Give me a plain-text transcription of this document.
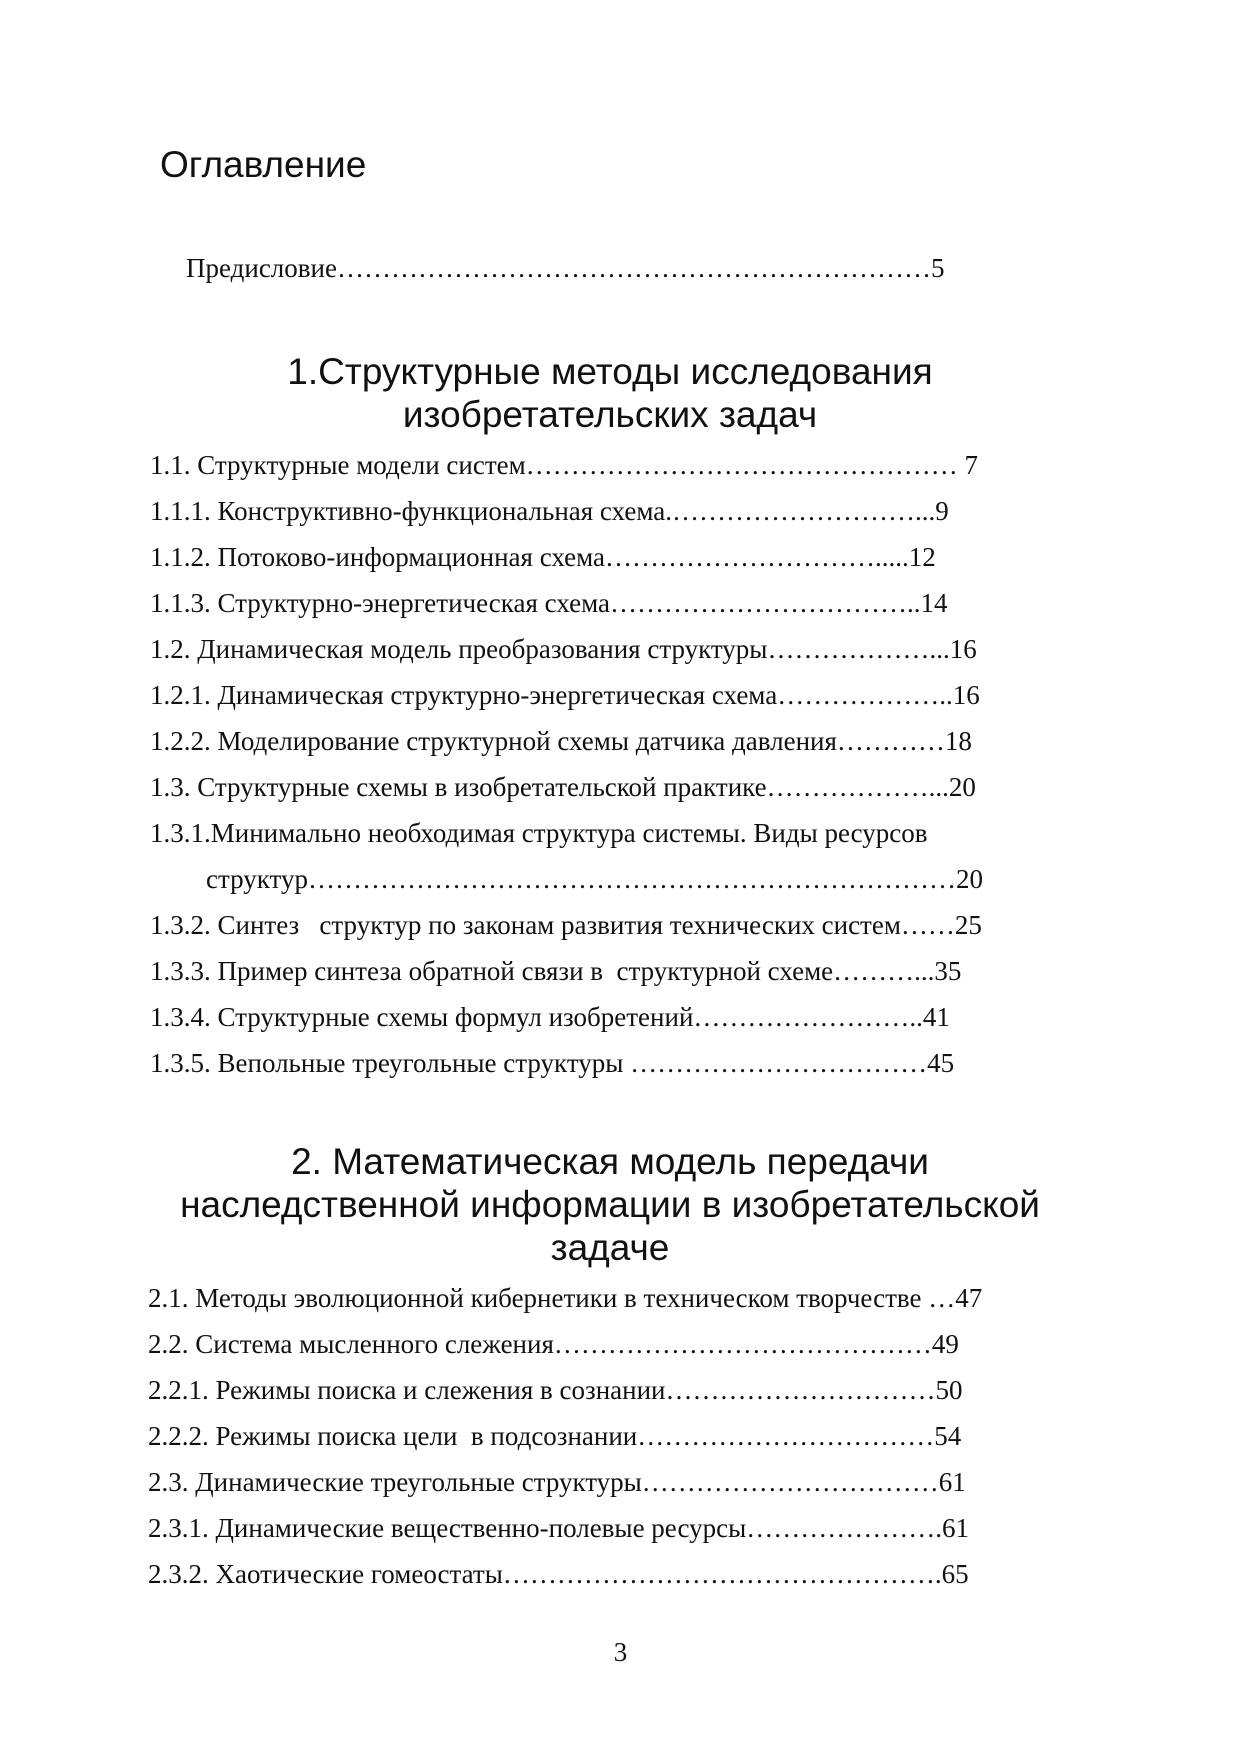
Оглавление
Предисловие…………………………………………………………5
1.Структурные методы исследования
изобретательских задач
1.1. Структурные модели систем………………………………………… 7
1.1.1. Конструктивно-функциональная схема.………………………...9
1.1.2. Потоково-информационная схема………………………….....12
1.1.3. Структурно-энергетическая схема……………………………..14
1.2. Динамическая модель преобразования структуры………………...16
1.2.1. Динамическая структурно-энергетическая схема………………..16
1.2.2. Моделирование структурной схемы датчика давления…………18
1.3. Структурные схемы в изобретательской практике………………...20
1.3.1.Минимально необходимая структура системы. Виды ресурсов
структур………………………………………………………………20
1.3.2. Синтез   структур по законам развития технических систем……25
1.3.3. Пример синтеза обратной связи в  структурной схеме………...35
1.3.4. Структурные схемы формул изобретений……………………..41
1.3.5. Вепольные треугольные структуры ……………………………45
2. Математическая модель передачи
наследственной информации в изобретательской
задаче
2.1. Методы эволюционной кибернетики в техническом творчестве …47
2.2. Система мысленного слежения……………………………………49
2.2.1. Режимы поиска и слежения в сознании…………………………50
2.2.2. Режимы поиска цели  в подсознании……………………………54
2.3. Динамические треугольные структуры……………………………61
2.3.1. Динамические вещественно-полевые ресурсы………………….61
2.3.2. Хаотические гомеостаты………………………………………….65
3
